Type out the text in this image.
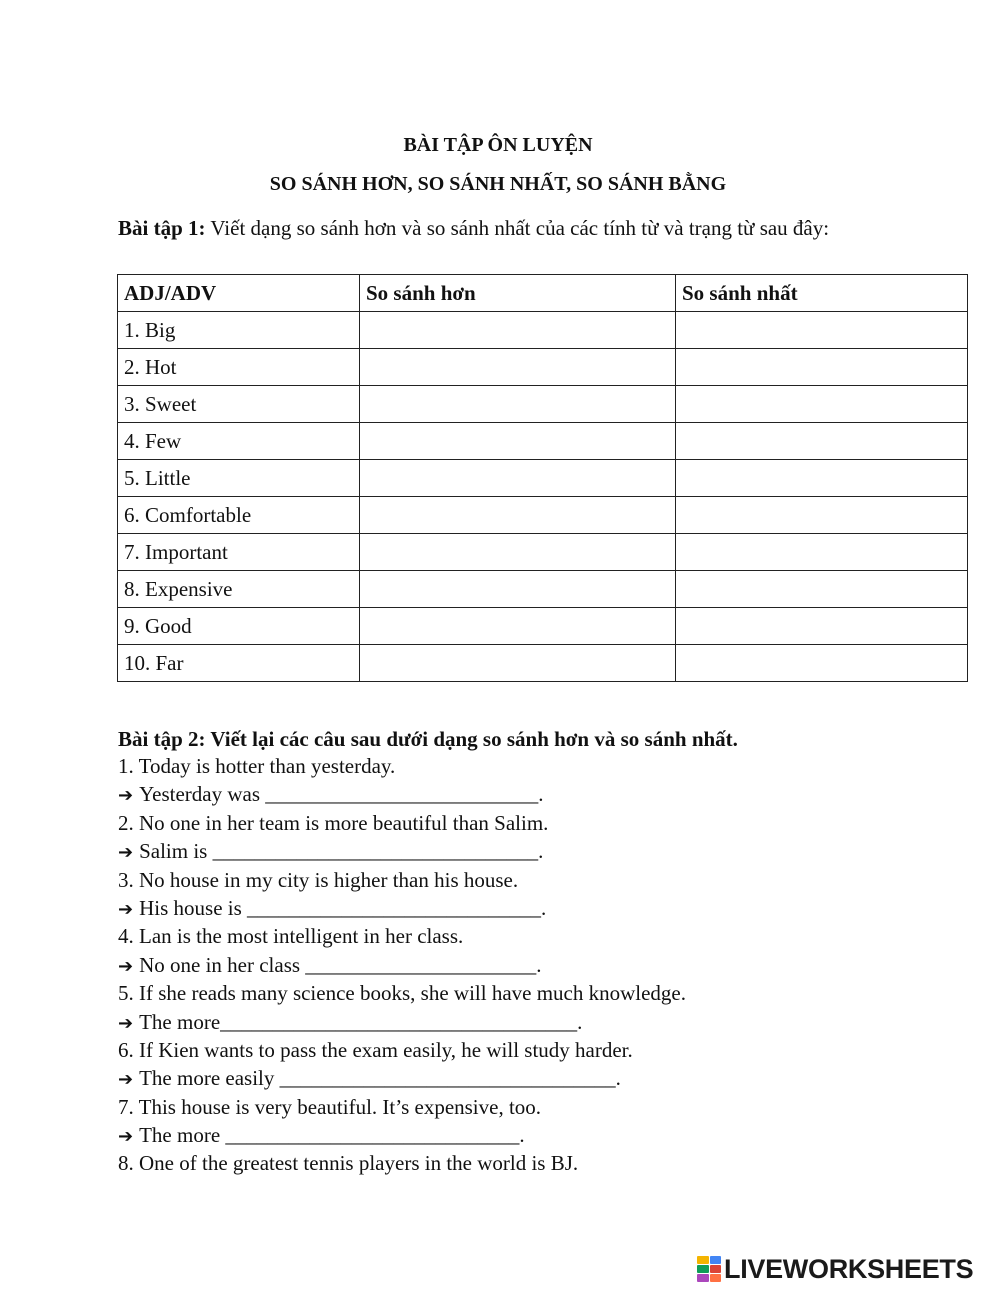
BÀI TẬP ÔN LUYỆN
SO SÁNH HƠN, SO SÁNH NHẤT, SO SÁNH BẰNG
Bài tập 1: Viết dạng so sánh hơn và so sánh nhất của các tính từ và trạng từ sau đây:
ADJ/ADV	So sánh hơn	So sánh nhất
1. Big		
2. Hot		
3. Sweet		
4. Few		
5. Little		
6. Comfortable		
7. Important		
8. Expensive		
9. Good		
10. Far		
Bài tập 2: Viết lại các câu sau dưới dạng so sánh hơn và so sánh nhất.
1. Today is hotter than yesterday.
➔ Yesterday was __________________________.
2. No one in her team is more beautiful than Salim.
➔ Salim is _______________________________.
3. No house in my city is higher than his house.
➔ His house is ____________________________.
4. Lan is the most intelligent in her class.
➔ No one in her class ______________________.
5. If she reads many science books, she will have much knowledge.
➔ The more__________________________________.
6. If Kien wants to pass the exam easily, he will study harder.
➔ The more easily ________________________________.
7. This house is very beautiful. It’s expensive, too.
➔ The more ____________________________.
8. One of the greatest tennis players in the world is BJ.
LIVEWORKSHEETS
